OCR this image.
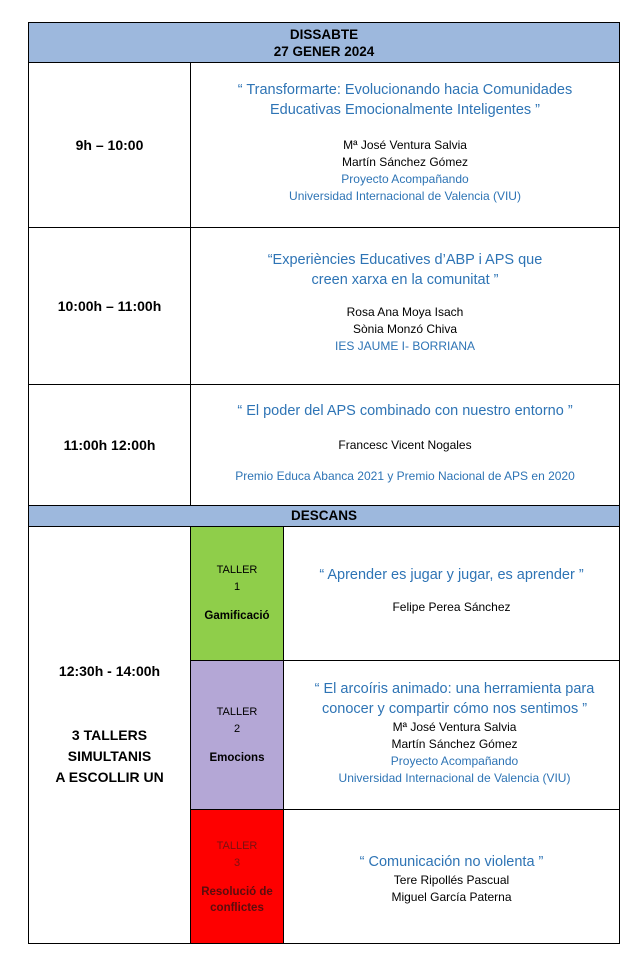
DISSABTE
27 GENER 2024
9h – 10:00
“ Transformarte: Evolucionando hacia Comunidades
Educativas Emocionalmente Inteligentes ”
Mª José Ventura Salvia
Martín Sánchez Gómez
Proyecto Acompañando
Universidad Internacional de Valencia (VIU)
10:00h – 11:00h
“Experiències Educatives d’ABP i APS que
creen xarxa en la comunitat ”
Rosa Ana Moya Isach
Sònia Monzó Chiva
IES JAUME I- BORRIANA
11:00h 12:00h
“ El poder del APS combinado con nuestro entorno ”
Francesc Vicent Nogales
Premio Educa Abanca 2021 y Premio Nacional de APS en 2020
DESCANS
12:30h - 14:00h
3 TALLERS
SIMULTANIS
A ESCOLLIR UN
TALLER
1
Gamificació
“ Aprender es jugar y jugar, es aprender ”
Felipe Perea Sánchez
TALLER
2
Emocions
“ El arcoíris animado: una herramienta para
conocer y compartir cómo nos sentimos ”
Mª José Ventura Salvia
Martín Sánchez Gómez
Proyecto Acompañando
Universidad Internacional de Valencia (VIU)
TALLER
3
Resolució de conflictes
“ Comunicación no violenta ”
Tere Ripollés Pascual
Miguel García Paterna
